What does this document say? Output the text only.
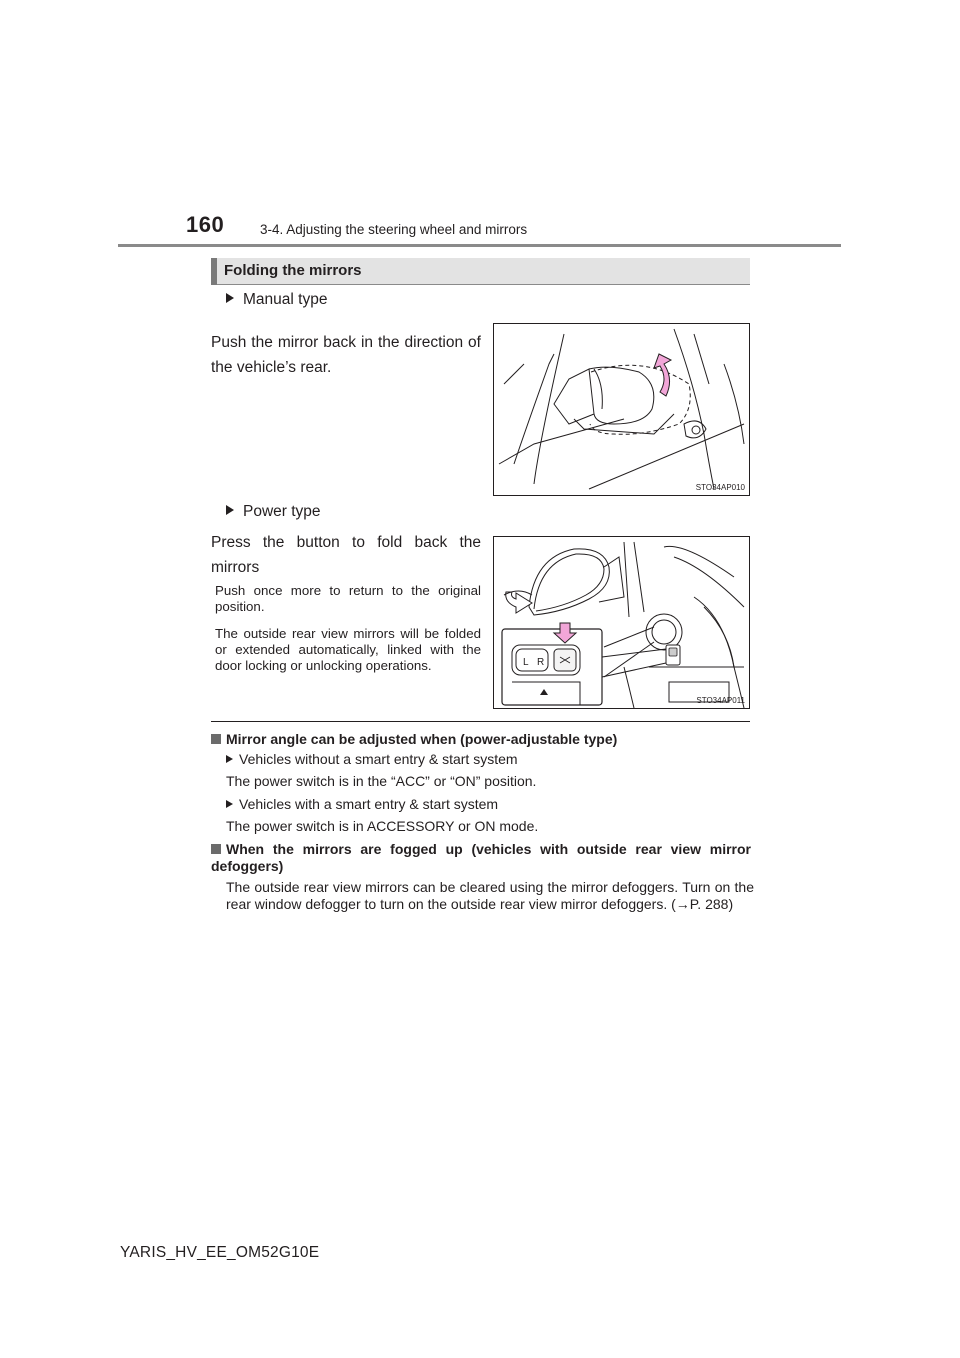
160	3-4. Adjusting the steering wheel and mirrors
Folding the mirrors
Manual type
Push the mirror back in the direction of the vehicle’s rear.
STO34AP010
Power type
Press the button to fold back the mirrors
Push once more to return to the original position.
The outside rear view mirrors will be folded or extended automatically, linked with the door locking or unlocking operations.	L R
STO34AP011
Mirror angle can be adjusted when (power-adjustable type)
Vehicles without a smart entry & start system
The power switch is in the “ACC” or “ON” position.
Vehicles with a smart entry & start system
The power switch is in ACCESSORY or ON mode.
When the mirrors are fogged up (vehicles with outside rear view mirror defoggers)
The outside rear view mirrors can be cleared using the mirror defoggers. Turn on the rear window defogger to turn on the outside rear view mirror defoggers. (→P. 288)
YARIS_HV_EE_OM52G10E
